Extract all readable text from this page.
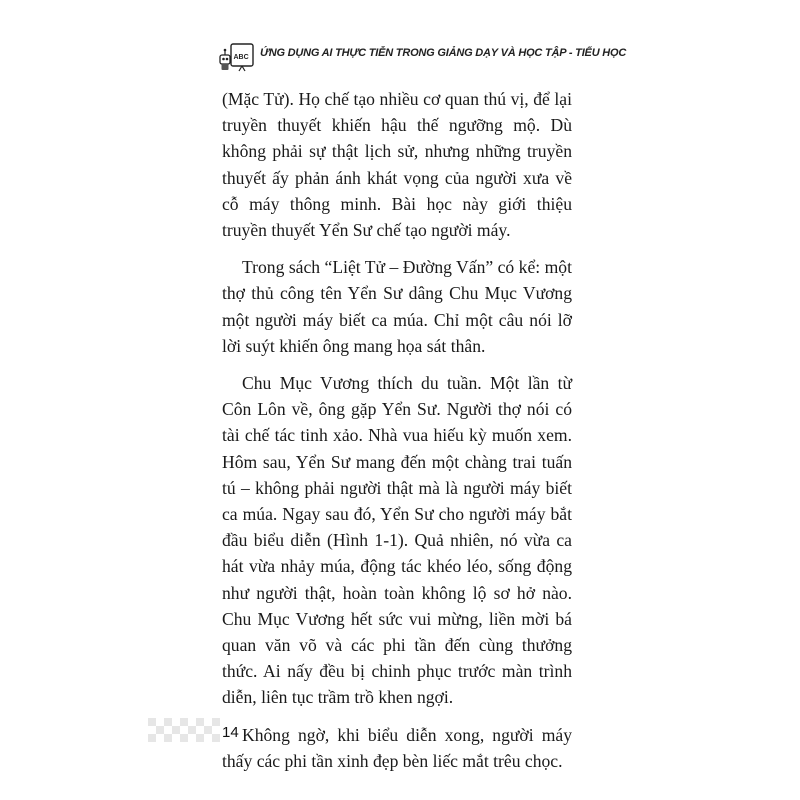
ABC ỨNG DỤNG AI THỰC TIỄN TRONG GIẢNG DẠY VÀ HỌC TẬP - TIỂU HỌC

(Mặc Tử). Họ chế tạo nhiều cơ quan thú vị, để lại truyền thuyết khiến hậu thế ngưỡng mộ. Dù không phải sự thật lịch sử, nhưng những truyền thuyết ấy phản ánh khát vọng của người xưa về cỗ máy thông minh. Bài học này giới thiệu truyền thuyết Yển Sư chế tạo người máy.

Trong sách “Liệt Tử – Đường Vấn” có kể: một thợ thủ công tên Yển Sư dâng Chu Mục Vương một người máy biết ca múa. Chỉ một câu nói lỡ lời suýt khiến ông mang họa sát thân.

Chu Mục Vương thích du tuần. Một lần từ Côn Lôn về, ông gặp Yển Sư. Người thợ nói có tài chế tác tinh xảo. Nhà vua hiếu kỳ muốn xem. Hôm sau, Yển Sư mang đến một chàng trai tuấn tú – không phải người thật mà là người máy biết ca múa. Ngay sau đó, Yển Sư cho người máy bắt đầu biểu diễn (Hình 1-1). Quả nhiên, nó vừa ca hát vừa nhảy múa, động tác khéo léo, sống động như người thật, hoàn toàn không lộ sơ hở nào. Chu Mục Vương hết sức vui mừng, liền mời bá quan văn võ và các phi tần đến cùng thưởng thức. Ai nấy đều bị chinh phục trước màn trình diễn, liên tục trầm trồ khen ngợi.

Không ngờ, khi biểu diễn xong, người máy thấy các phi tần xinh đẹp bèn liếc mắt trêu chọc.

14
